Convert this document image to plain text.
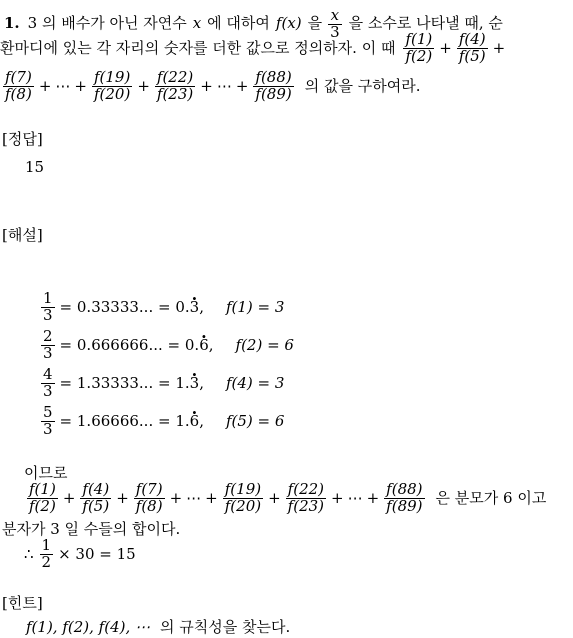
1. 3 의 배수가 아닌 자연수 x 에 대하여 f(x) 을 $\frac{x}{3}$ 을 소수로 나타낼 때, 순
환마디에 있는 각 자리의 숫자를 더한 값으로 정의하자. 이 때 $\frac{f(1)}{f(2)} + \frac{f(4)}{f(5)}$ +
$\frac{f(7)}{f(8)}$ + ⋯ + $\frac{f(19)}{f(20)} + \frac{f(22)}{f(23)}$ + ⋯ + $\frac{f(88)}{f(89)}$ 의 값을 구하여라.
[정답]
15
[해설]
$\frac{1}{3} = 0.33333$... = 0. · 3 , f(1) = 3
$\frac{2}{3} = 0.666666$... = 0. · 6 , f(2) = 6
$\frac{4}{3} = 1.33333$... = 1. · 3 , f(4) = 3
$\frac{5}{3} = 1.66666$... = 1. · 6 , f(5) = 6
이므로
$\frac{f(1)}{f(2)} + \frac{f(4)}{f(5)} + \frac{f(7)}{f(8)}$ + ⋯ + $\frac{f(19)}{f(20)} + \frac{f(22)}{f(23)}$ + ⋯ + $\frac{f(88)}{f(89)}$ 은 분모가 6 이고
분자가 3 일 수들의 합이다.
∴ $\frac{1}{2} \times 30 = 15$
[힌트]
f(1), f(2), f(4), ⋯ 의 규칙성을 찾는다.
